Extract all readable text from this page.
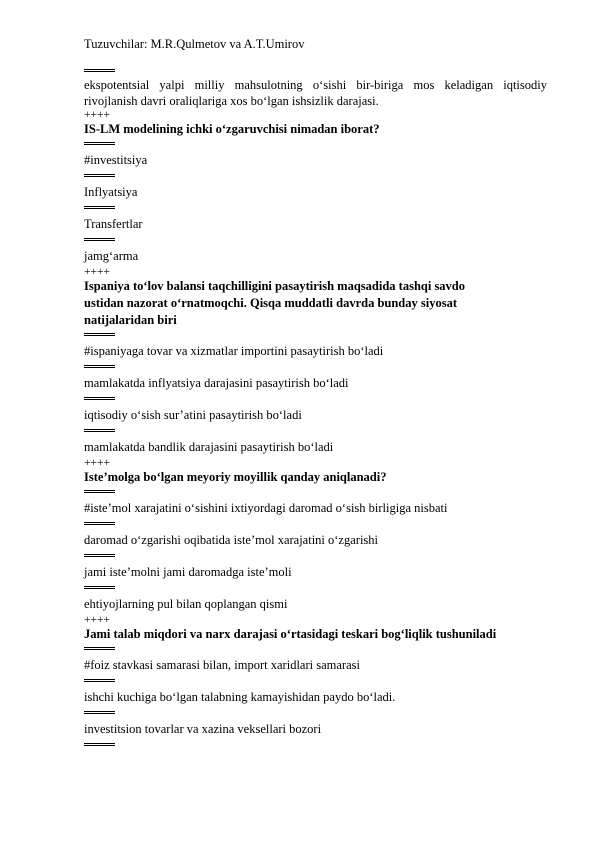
Tuzuvchilar: M.R.Qulmetov va A.T.Umirov
ekspotentsial yalpi milliy mahsulotning o‘sishi bir-biriga mos keladigan iqtisodiy rivojlanish davri oraliqlariga xos bo‘lgan ishsizlik darajasi.
++++
IS-LM modelining ichki o‘zgaruvchisi nimadan iborat?
#investitsiya
Inflyatsiya
Transfertlar
jamg‘arma
++++
Ispaniya to‘lov balansi taqchilligini pasaytirish maqsadida tashqi savdo
ustidan nazorat o‘rnatmoqchi. Qisqa muddatli davrda bunday siyosat
natijalaridan biri
#ispaniyaga tovar va xizmatlar importini pasaytirish bo‘ladi
mamlakatda inflyatsiya darajasini pasaytirish bo‘ladi
iqtisodiy o‘sish sur’atini pasaytirish bo‘ladi
mamlakatda bandlik darajasini pasaytirish bo‘ladi
++++
Iste’molga bo‘lgan meyoriy moyillik qanday aniqlanadi?
#iste’mol xarajatini o‘sishini ixtiyordagi daromad o‘sish birligiga nisbati
daromad o‘zgarishi oqibatida iste’mol xarajatini o‘zgarishi
jami iste’molni jami daromadga iste’moli
ehtiyojlarning pul bilan qoplangan qismi
++++
Jami talab miqdori va narx darajasi o‘rtasidagi teskari bog‘liqlik tushuniladi
#foiz stavkasi samarasi bilan, import xaridlari samarasi
ishchi kuchiga bo‘lgan talabning kamayishidan paydo bo‘ladi.
investitsion tovarlar va xazina veksellari bozori
